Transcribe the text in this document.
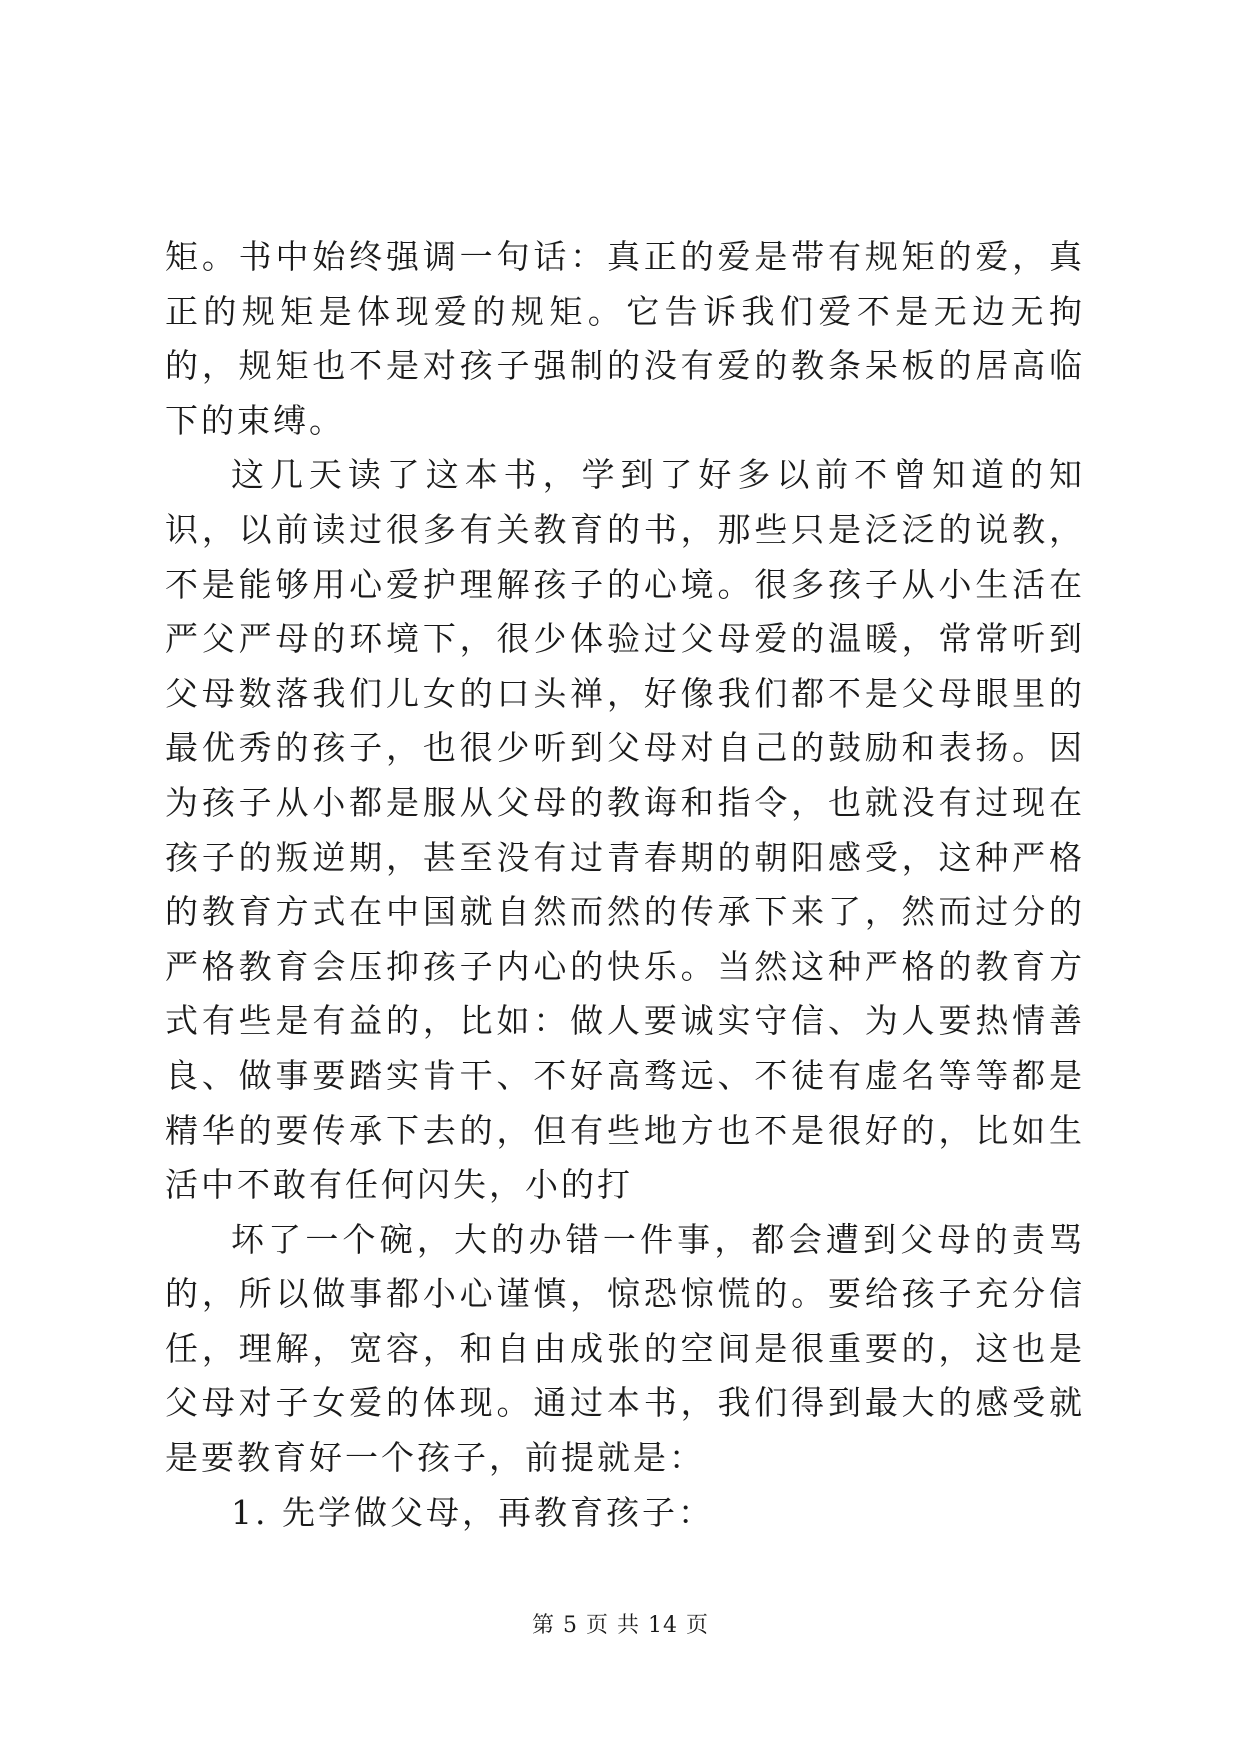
矩。书中始终强调一句话：真正的爱是带有规矩的爱，真正的规矩是体现爱的规矩。它告诉我们爱不是无边无拘的，规矩也不是对孩子强制的没有爱的教条呆板的居高临下的束缚。

这几天读了这本书，学到了好多以前不曾知道的知识，以前读过很多有关教育的书，那些只是泛泛的说教，不是能够用心爱护理解孩子的心境。很多孩子从小生活在严父严母的环境下，很少体验过父母爱的温暖，常常听到父母数落我们儿女的口头禅，好像我们都不是父母眼里的最优秀的孩子，也很少听到父母对自己的鼓励和表扬。因为孩子从小都是服从父母的教诲和指令，也就没有过现在孩子的叛逆期，甚至没有过青春期的朝阳感受，这种严格的教育方式在中国就自然而然的传承下来了，然而过分的严格教育会压抑孩子内心的快乐。当然这种严格的教育方式有些是有益的，比如：做人要诚实守信、为人要热情善良、做事要踏实肯干、不好高骛远、不徒有虚名等等都是精华的要传承下去的，但有些地方也不是很好的，比如生活中不敢有任何闪失，小的打

坏了一个碗，大的办错一件事，都会遭到父母的责骂的，所以做事都小心谨慎，惊恐惊慌的。要给孩子充分信任，理解，宽容，和自由成张的空间是很重要的，这也是父母对子女爱的体现。通过本书，我们得到最大的感受就是要教育好一个孩子，前提就是：

1. 先学做父母，再教育孩子：

第 5 页 共 14 页
